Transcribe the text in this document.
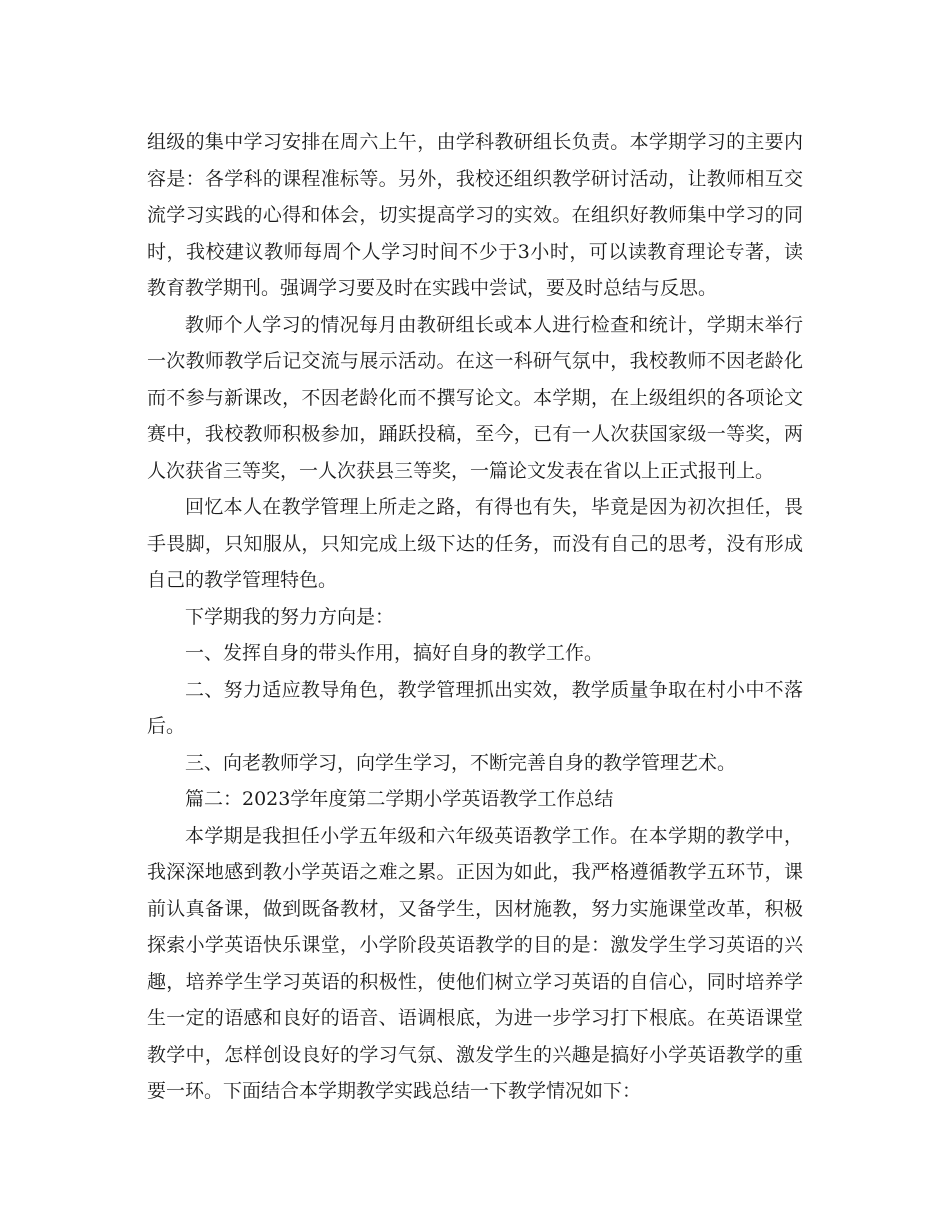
组级的集中学习安排在周六上午，由学科教研组长负责。本学期学习的主要内容是：各学科的课程准标等。另外，我校还组织教学研讨活动，让教师相互交流学习实践的心得和体会，切实提高学习的实效。在组织好教师集中学习的同时，我校建议教师每周个人学习时间不少于3小时，可以读教育理论专著，读教育教学期刊。强调学习要及时在实践中尝试，要及时总结与反思。

教师个人学习的情况每月由教研组长或本人进行检查和统计，学期末举行一次教师教学后记交流与展示活动。在这一科研气氛中，我校教师不因老龄化而不参与新课改，不因老龄化而不撰写论文。本学期，在上级组织的各项论文赛中，我校教师积极参加，踊跃投稿，至今，已有一人次获国家级一等奖，两人次获省三等奖，一人次获县三等奖，一篇论文发表在省以上正式报刊上。

回忆本人在教学管理上所走之路，有得也有失，毕竟是因为初次担任，畏手畏脚，只知服从，只知完成上级下达的任务，而没有自己的思考，没有形成自己的教学管理特色。

下学期我的努力方向是：

一、发挥自身的带头作用，搞好自身的教学工作。

二、努力适应教导角色，教学管理抓出实效，教学质量争取在村小中不落后。

三、向老教师学习，向学生学习，不断完善自身的教学管理艺术。

篇二：2023学年度第二学期小学英语教学工作总结

本学期是我担任小学五年级和六年级英语教学工作。在本学期的教学中，我深深地感到教小学英语之难之累。正因为如此，我严格遵循教学五环节，课前认真备课，做到既备教材，又备学生，因材施教，努力实施课堂改革，积极探索小学英语快乐课堂，小学阶段英语教学的目的是：激发学生学习英语的兴趣，培养学生学习英语的积极性，使他们树立学习英语的自信心，同时培养学生一定的语感和良好的语音、语调根底，为进一步学习打下根底。在英语课堂教学中，怎样创设良好的学习气氛、激发学生的兴趣是搞好小学英语教学的重要一环。下面结合本学期教学实践总结一下教学情况如下：
